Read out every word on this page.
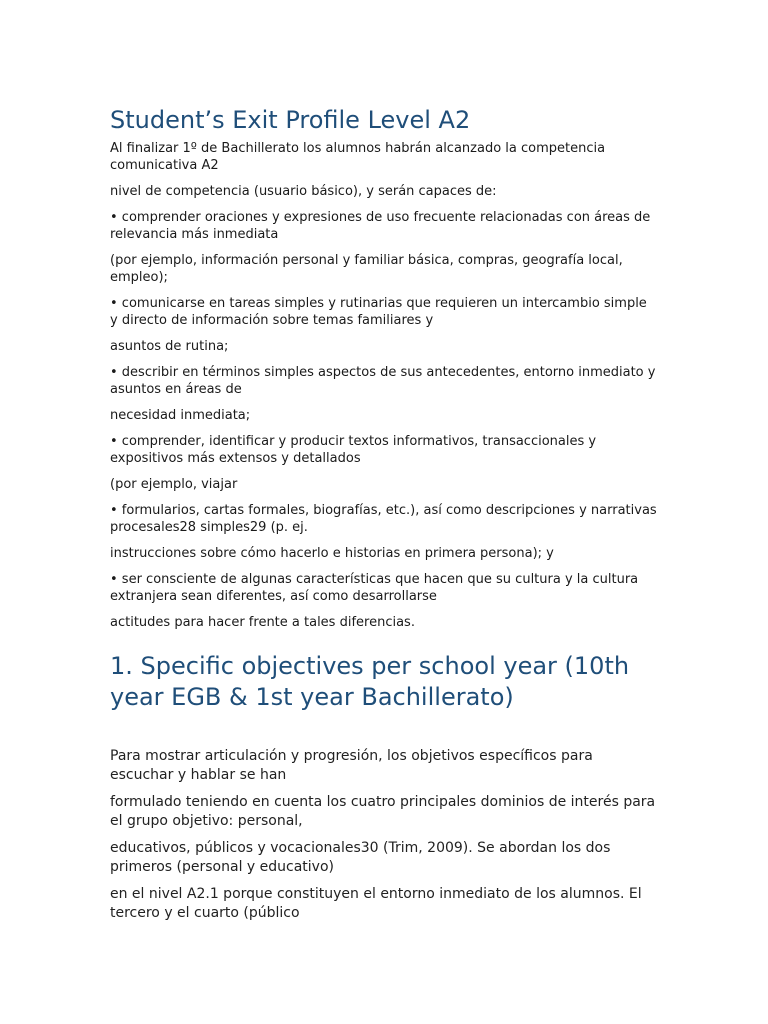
Student’s Exit Profile Level A2

Al finalizar 1º de Bachillerato los alumnos habrán alcanzado la competencia comunicativa A2

nivel de competencia (usuario básico), y serán capaces de:

• comprender oraciones y expresiones de uso frecuente relacionadas con áreas de relevancia más inmediata

(por ejemplo, información personal y familiar básica, compras, geografía local, empleo);

• comunicarse en tareas simples y rutinarias que requieren un intercambio simple y directo de información sobre temas familiares y

asuntos de rutina;

• describir en términos simples aspectos de sus antecedentes, entorno inmediato y asuntos en áreas de

necesidad inmediata;

• comprender, identificar y producir textos informativos, transaccionales y expositivos más extensos y detallados

(por ejemplo, viajar

• formularios, cartas formales, biografías, etc.), así como descripciones y narrativas procesales28 simples29 (p. ej.

instrucciones sobre cómo hacerlo e historias en primera persona); y

• ser consciente de algunas características que hacen que su cultura y la cultura extranjera sean diferentes, así como desarrollarse

actitudes para hacer frente a tales diferencias.

1. Specific objectives per school year (10th year EGB & 1st year Bachillerato)

Para mostrar articulación y progresión, los objetivos específicos para escuchar y hablar se han

formulado teniendo en cuenta los cuatro principales dominios de interés para el grupo objetivo: personal,

educativos, públicos y vocacionales30 (Trim, 2009). Se abordan los dos primeros (personal y educativo)

en el nivel A2.1 porque constituyen el entorno inmediato de los alumnos. El tercero y el cuarto (público
